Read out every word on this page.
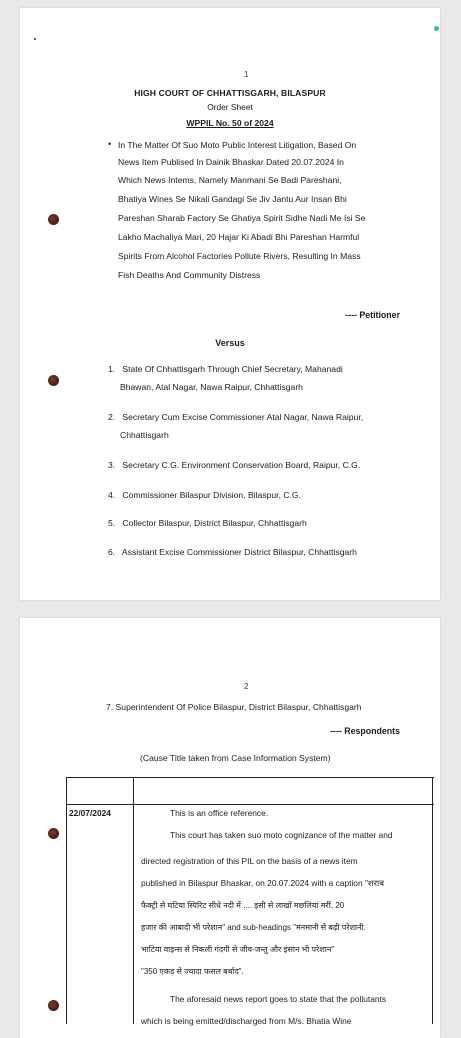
1
HIGH COURT OF CHHATTISGARH, BILASPUR
Order Sheet
WPPIL No. 50 of 2024
• In The Matter Of Suo Moto Public Interest Litigation, Based On
News Item Publised In Dainik Bhaskar Dated 20.07.2024 In
Which News Intems, Namely Manmani Se Badi Pareshani,
Bhatiya Wines Se Nikali Gandagi Se Jiv Jantu Aur Insan Bhi
Pareshan Sharab Factory Se Ghatiya Spirit Sidhe Nadi Me Isi Se
Lakho Machaliya Mari, 20 Hajar Ki Abadi Bhi Pareshan Harmful
Spirits From Alcohol Factories Pollute Rivers, Resulting In Mass
Fish Deaths And Community Distress
---- Petitioner
Versus
1. State Of Chhattisgarh Through Chief Secretary, Mahanadi
Bhawan, Atal Nagar, Nawa Raipur, Chhattisgarh
2. Secretary Cum Excise Commissioner Atal Nagar, Nawa Raipur,
Chhattisgarh
3. Secretary C.G. Environment Conservation Board, Raipur, C.G.
4. Commissioner Bilaspur Division, Bilaspur, C.G.
5. Collector Bilaspur, District Bilaspur, Chhattisgarh
6. Assistant Excise Commissioner District Bilaspur, Chhattisgarh
2
7. Superintendent Of Police Bilaspur, District Bilaspur, Chhattisgarh
---- Respondents
(Cause Title taken from Case Information System)
22/07/2024	This is an office reference.
This court has taken suo moto cognizance of the matter and
directed registration of this PIL on the basis of a news item
published in Bilaspur Bhaskar, on 20.07.2024 with a caption "शराब
फैक्ट्री से घटिया स्पिरिट सीधे नदी में .... इसी से लाखों मछलियां मरीं, 20
हजार की आबादी भी परेशान" and sub-headings "मनमानी से बढ़ी परेशानी.
भाटिया वाइन्स से निकली गंदगी से जीव-जन्तु और इंसान भी परेशान"
"350 एकड़ से ज्यादा फसल बर्बाद".
The aforesaid news report goes to state that the pollutants
which is being emitted/discharged from M/s. Bhatia Wine
